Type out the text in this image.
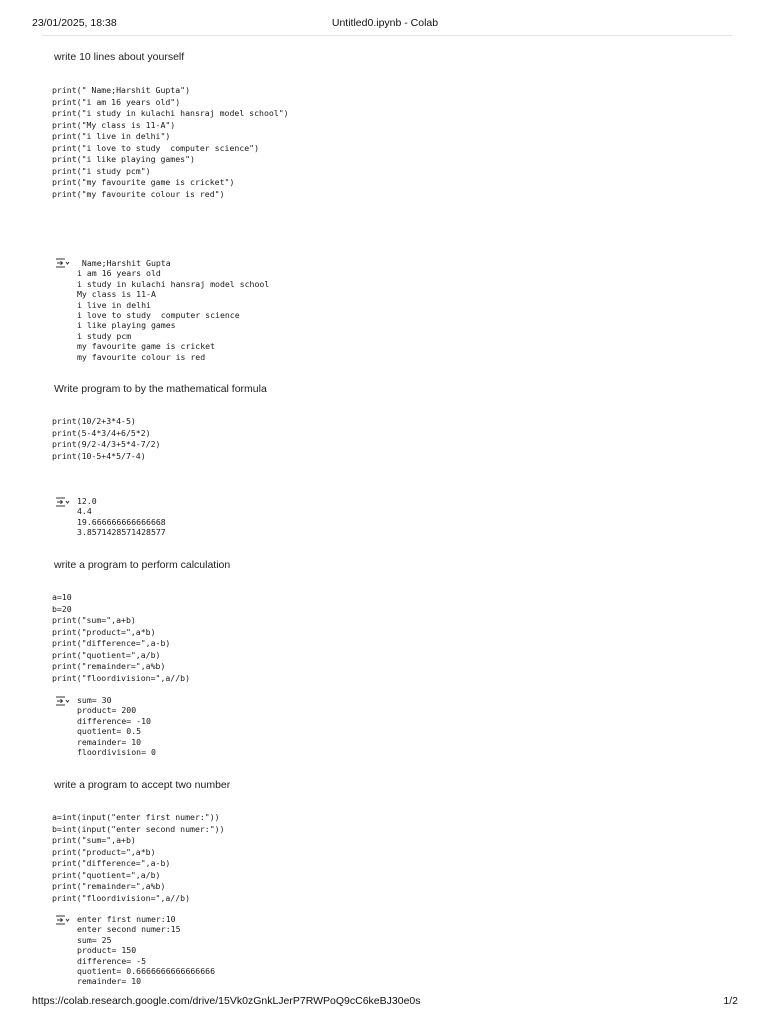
23/01/2025, 18:38	Untitled0.ipynb - Colab
write 10 lines about yourself
print(" Name;Harshit Gupta")
print("i am 16 years old")
print("i study in kulachi hansraj model school")
print("My class is 11-A")
print("i live in delhi")
print("i love to study  computer science")
print("i like playing games")
print("i study pcm")
print("my favourite game is cricket")
print("my favourite colour is red")
Name;Harshit Gupta
i am 16 years old
i study in kulachi hansraj model school
My class is 11-A
i live in delhi
i love to study  computer science
i like playing games
i study pcm
my favourite game is cricket
my favourite colour is red
Write program to by the mathematical formula
print(10/2+3*4-5)
print(5-4*3/4+6/5*2)
print(9/2-4/3+5*4-7/2)
print(10-5+4*5/7-4)
12.0
4.4
19.666666666666668
3.8571428571428577
write a program to perform calculation
a=10
b=20
print("sum=",a+b)
print("product=",a*b)
print("difference=",a-b)
print("quotient=",a/b)
print("remainder=",a%b)
print("floordivision=",a//b)
sum= 30
product= 200
difference= -10
quotient= 0.5
remainder= 10
floordivision= 0
write a program to accept two number
a=int(input("enter first numer:"))
b=int(input("enter second numer:"))
print("sum=",a+b)
print("product=",a*b)
print("difference=",a-b)
print("quotient=",a/b)
print("remainder=",a%b)
print("floordivision=",a//b)
enter first numer:10
enter second numer:15
sum= 25
product= 150
difference= -5
quotient= 0.6666666666666666
remainder= 10
https://colab.research.google.com/drive/15Vk0zGnkLJerP7RWPoQ9cC6keBJ30e0s	1/2
